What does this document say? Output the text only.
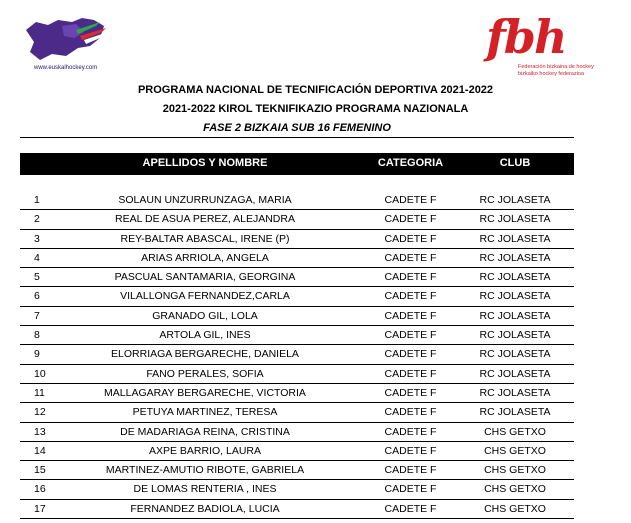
www.euskalhockey.com
fbh
Federación bizkaina de hockey
bizkaiko hockey federazioa
PROGRAMA NACIONAL DE TECNIFICACIÓN DEPORTIVA 2021-2022
2021-2022 KIROL TEKNIFIKAZIO PROGRAMA NAZIONALA
FASE 2 BIZKAIA SUB 16 FEMENINO
APELLIDOS Y NOMBRE	CATEGORIA	CLUB
1	SOLAUN UNZURRUNZAGA, MARIA	CADETE F	RC JOLASETA
2	REAL DE ASUA PEREZ, ALEJANDRA	CADETE F	RC JOLASETA
3	REY-BALTAR ABASCAL, IRENE (P)	CADETE F	RC JOLASETA
4	ARIAS ARRIOLA, ANGELA	CADETE F	RC JOLASETA
5	PASCUAL SANTAMARIA, GEORGINA	CADETE F	RC JOLASETA
6	VILALLONGA FERNANDEZ,CARLA	CADETE F	RC JOLASETA
7	GRANADO GIL, LOLA	CADETE F	RC JOLASETA
8	ARTOLA GIL, INES	CADETE F	RC JOLASETA
9	ELORRIAGA BERGARECHE, DANIELA	CADETE F	RC JOLASETA
10	FANO PERALES, SOFIA	CADETE F	RC JOLASETA
11	MALLAGARAY BERGARECHE, VICTORIA	CADETE F	RC JOLASETA
12	PETUYA MARTINEZ, TERESA	CADETE F	RC JOLASETA
13	DE MADARIAGA REINA, CRISTINA	CADETE F	CHS GETXO
14	AXPE BARRIO, LAURA	CADETE F	CHS GETXO
15	MARTINEZ-AMUTIO RIBOTE, GABRIELA	CADETE F	CHS GETXO
16	DE LOMAS RENTERIA , INES	CADETE F	CHS GETXO
17	FERNANDEZ BADIOLA, LUCIA	CADETE F	CHS GETXO
